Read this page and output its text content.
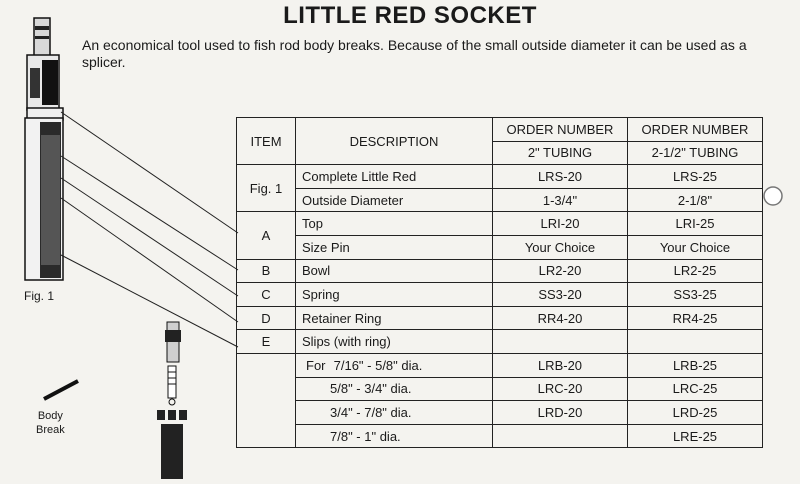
LITTLE RED SOCKET
An economical tool used to fish rod body breaks. Because of the small outside diameter it can be used as a splicer.
Fig. 1
Body
Break
ITEM	DESCRIPTION	ORDER NUMBER	ORDER NUMBER
		2" TUBING	2-1/2" TUBING
Fig. 1	Complete Little Red	LRS-20	LRS-25
	Outside Diameter	1-3/4"	2-1/8"
A	Top	LRI-20	LRI-25
	Size Pin	Your Choice	Your Choice
B	Bowl	LR2-20	LR2-25
C	Spring	SS3-20	SS3-25
D	Retainer Ring	RR4-20	RR4-25
E	Slips (with ring)		
	For 7/16" - 5/8" dia.	LRB-20	LRB-25
	5/8" - 3/4" dia.	LRC-20	LRC-25
	3/4" - 7/8" dia.	LRD-20	LRD-25
	7/8" - 1" dia.		LRE-25
